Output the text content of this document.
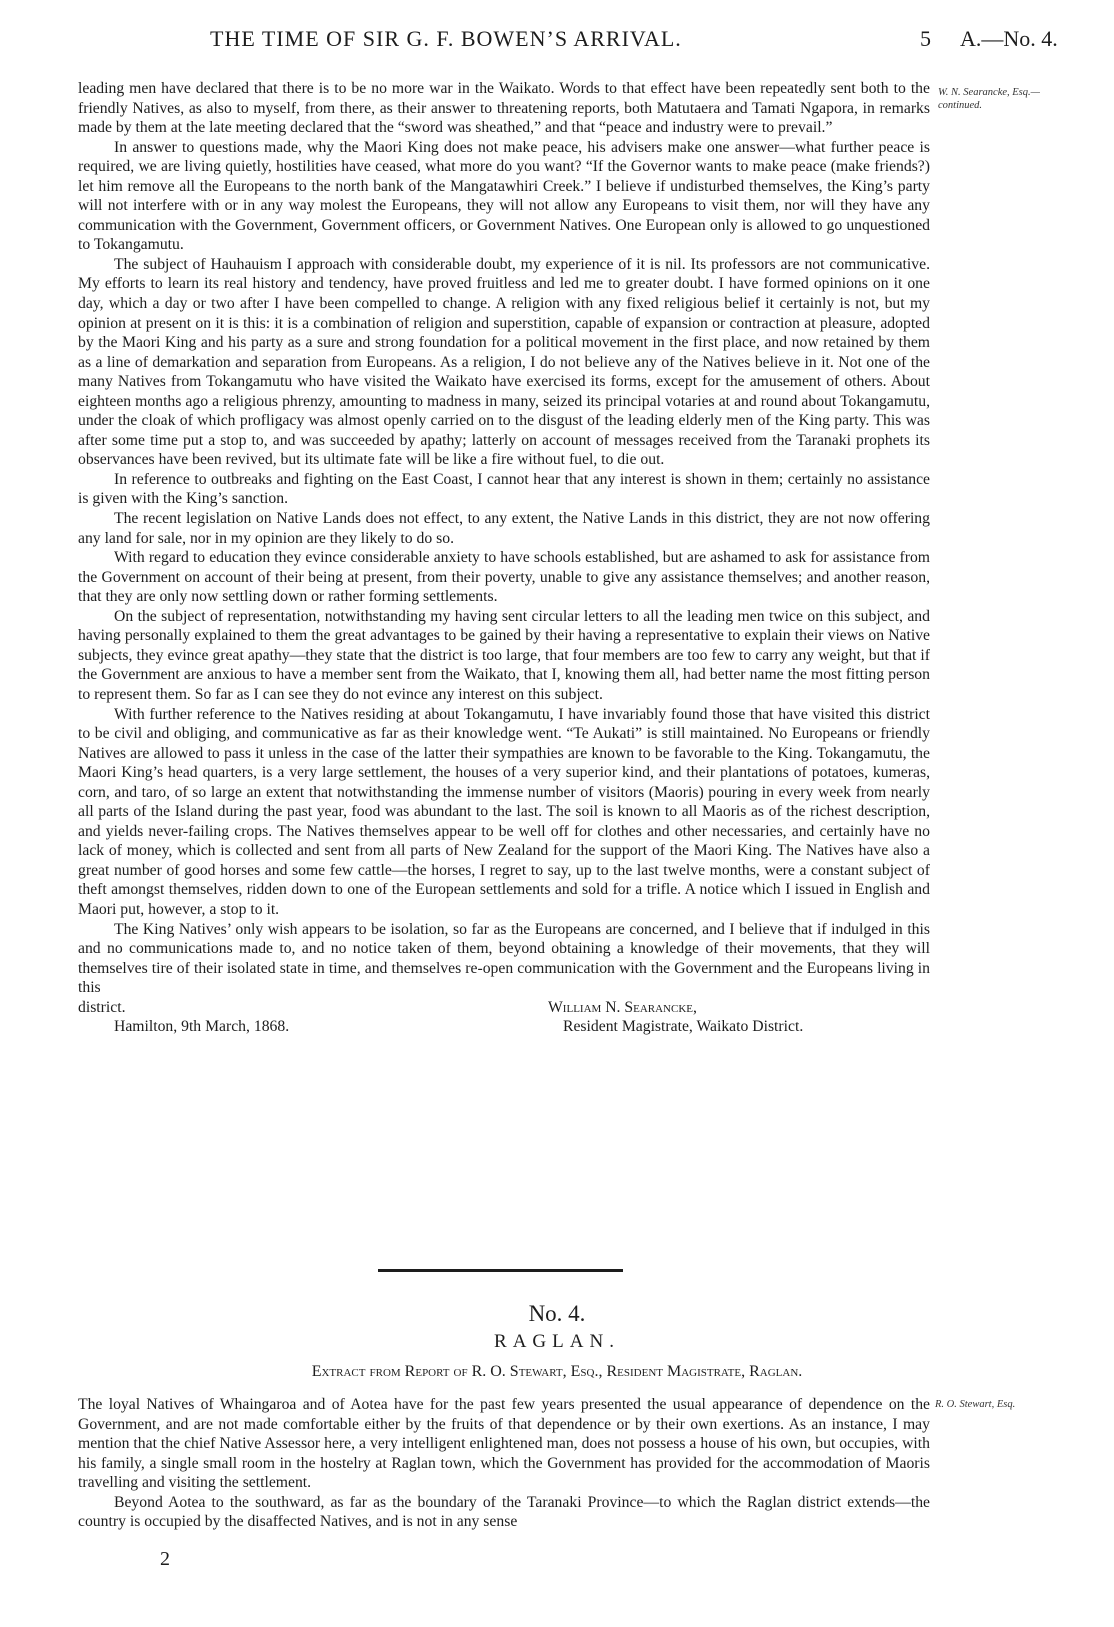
THE TIME OF SIR G. F. BOWEN’S ARRIVAL.	5 A.—No. 4.
W. N. Searancke, Esq.—continued.

leading men have declared that there is to be no more war in the Waikato. Words to that effect have been repeatedly sent both to the friendly Natives, as also to myself, from there, as their answer to threatening reports, both Matutaera and Tamati Ngapora, in remarks made by them at the late meeting declared that the “sword was sheathed,” and that “peace and industry were to prevail.”

In answer to questions made, why the Maori King does not make peace, his advisers make one answer—what further peace is required, we are living quietly, hostilities have ceased, what more do you want? “If the Governor wants to make peace (make friends?) let him remove all the Europeans to the north bank of the Mangatawhiri Creek.” I believe if undisturbed themselves, the King’s party will not interfere with or in any way molest the Europeans, they will not allow any Europeans to visit them, nor will they have any communication with the Government, Government officers, or Government Natives. One European only is allowed to go unquestioned to Tokangamutu.

The subject of Hauhauism I approach with considerable doubt, my experience of it is nil. Its professors are not communicative. My efforts to learn its real history and tendency, have proved fruitless and led me to greater doubt. I have formed opinions on it one day, which a day or two after I have been compelled to change. A religion with any fixed religious belief it certainly is not, but my opinion at present on it is this: it is a combination of religion and superstition, capable of expansion or contraction at pleasure, adopted by the Maori King and his party as a sure and strong foundation for a political movement in the first place, and now retained by them as a line of demarkation and separation from Europeans. As a religion, I do not believe any of the Natives believe in it. Not one of the many Natives from Tokangamutu who have visited the Waikato have exercised its forms, except for the amusement of others. About eighteen months ago a religious phrenzy, amounting to madness in many, seized its principal votaries at and round about Tokangamutu, under the cloak of which profligacy was almost openly carried on to the disgust of the leading elderly men of the King party. This was after some time put a stop to, and was succeeded by apathy; latterly on account of messages received from the Taranaki prophets its observances have been revived, but its ultimate fate will be like a fire without fuel, to die out.

In reference to outbreaks and fighting on the East Coast, I cannot hear that any interest is shown in them; certainly no assistance is given with the King’s sanction.

The recent legislation on Native Lands does not effect, to any extent, the Native Lands in this district, they are not now offering any land for sale, nor in my opinion are they likely to do so.

With regard to education they evince considerable anxiety to have schools established, but are ashamed to ask for assistance from the Government on account of their being at present, from their poverty, unable to give any assistance themselves; and another reason, that they are only now settling down or rather forming settlements.

On the subject of representation, notwithstanding my having sent circular letters to all the leading men twice on this subject, and having personally explained to them the great advantages to be gained by their having a representative to explain their views on Native subjects, they evince great apathy—they state that the district is too large, that four members are too few to carry any weight, but that if the Government are anxious to have a member sent from the Waikato, that I, knowing them all, had better name the most fitting person to represent them. So far as I can see they do not evince any interest on this subject.

With further reference to the Natives residing at about Tokangamutu, I have invariably found those that have visited this district to be civil and obliging, and communicative as far as their knowledge went. “Te Aukati” is still maintained. No Europeans or friendly Natives are allowed to pass it unless in the case of the latter their sympathies are known to be favorable to the King. Tokangamutu, the Maori King’s head quarters, is a very large settlement, the houses of a very superior kind, and their plantations of potatoes, kumeras, corn, and taro, of so large an extent that notwithstanding the immense number of visitors (Maoris) pouring in every week from nearly all parts of the Island during the past year, food was abundant to the last. The soil is known to all Maoris as of the richest description, and yields never-failing crops. The Natives themselves appear to be well off for clothes and other necessaries, and certainly have no lack of money, which is collected and sent from all parts of New Zealand for the support of the Maori King. The Natives have also a great number of good horses and some few cattle—the horses, I regret to say, up to the last twelve months, were a constant subject of theft amongst themselves, ridden down to one of the European settlements and sold for a trifle. A notice which I issued in English and Maori put, however, a stop to it.

The King Natives’ only wish appears to be isolation, so far as the Europeans are concerned, and I believe that if indulged in this and no communications made to, and no notice taken of them, beyond obtaining a knowledge of their movements, that they will themselves tire of their isolated state in time, and themselves re-open communication with the Government and the Europeans living in this

district.	William N. Searancke,
Hamilton, 9th March, 1868.	Resident Magistrate, Waikato District.
No. 4.
RAGLAN.
Extract from Report of R. O. Stewart, Esq., Resident Magistrate, Raglan.
R. O. Stewart, Esq.

The loyal Natives of Whaingaroa and of Aotea have for the past few years presented the usual appearance of dependence on the Government, and are not made comfortable either by the fruits of that dependence or by their own exertions. As an instance, I may mention that the chief Native Assessor here, a very intelligent enlightened man, does not possess a house of his own, but occupies, with his family, a single small room in the hostelry at Raglan town, which the Government has provided for the accommodation of Maoris travelling and visiting the settlement.

Beyond Aotea to the southward, as far as the boundary of the Taranaki Province—to which the Raglan district extends—the country is occupied by the disaffected Natives, and is not in any sense

2
